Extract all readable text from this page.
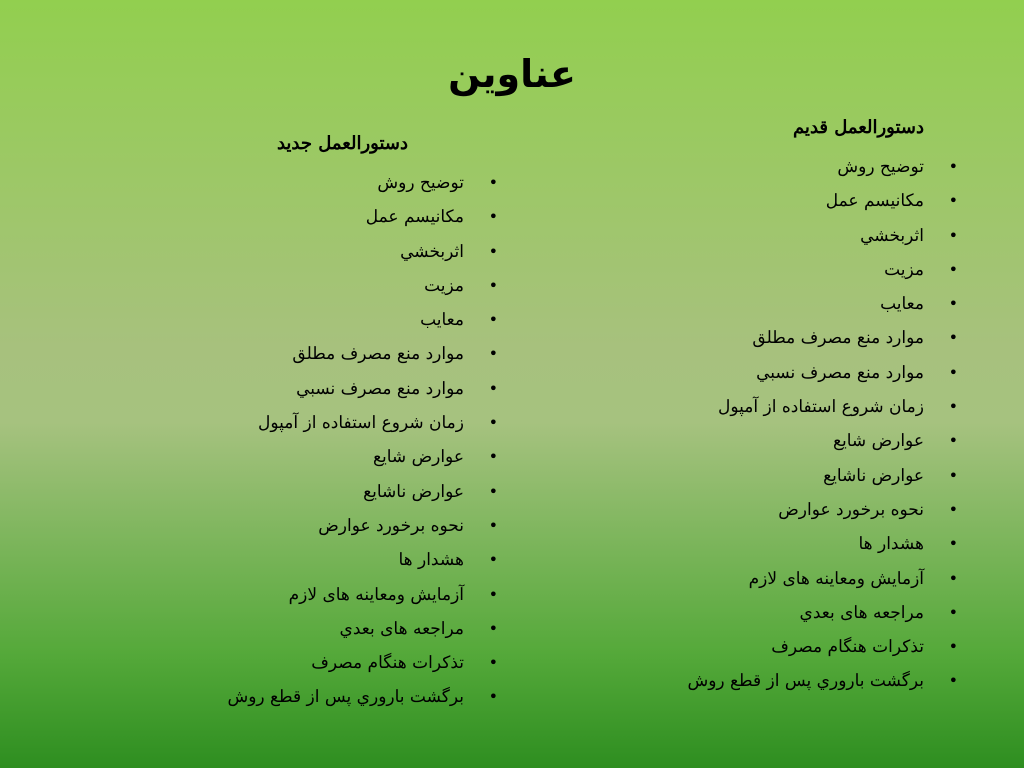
عناوين
دستورالعمل قديم
•
توضيح روش
•
مکانيسم عمل
•
اثربخشي
•
مزيت
•
معايب
•
موارد منع مصرف مطلق
•
موارد منع مصرف نسبي
•
زمان شروع استفاده از آمپول
•
عوارض شايع
•
عوارض ناشايع
•
نحوه برخورد عوارض
•
هشدار ها
•
آزمايش ومعاينه هاى لازم
•
مراجعه هاى بعدي
•
تذکرات هنگام مصرف
•
برگشت باروري پس از قطع روش
دستورالعمل جديد
•
توضيح روش
•
مکانيسم عمل
•
اثربخشي
•
مزيت
•
معايب
•
موارد منع مصرف مطلق
•
موارد منع مصرف نسبي
•
زمان شروع استفاده از آمپول
•
عوارض شايع
•
عوارض ناشايع
•
نحوه برخورد عوارض
•
هشدار ها
•
آزمايش ومعاينه هاى لازم
•
مراجعه هاى بعدي
•
تذکرات هنگام مصرف
•
برگشت باروري پس از قطع روش
